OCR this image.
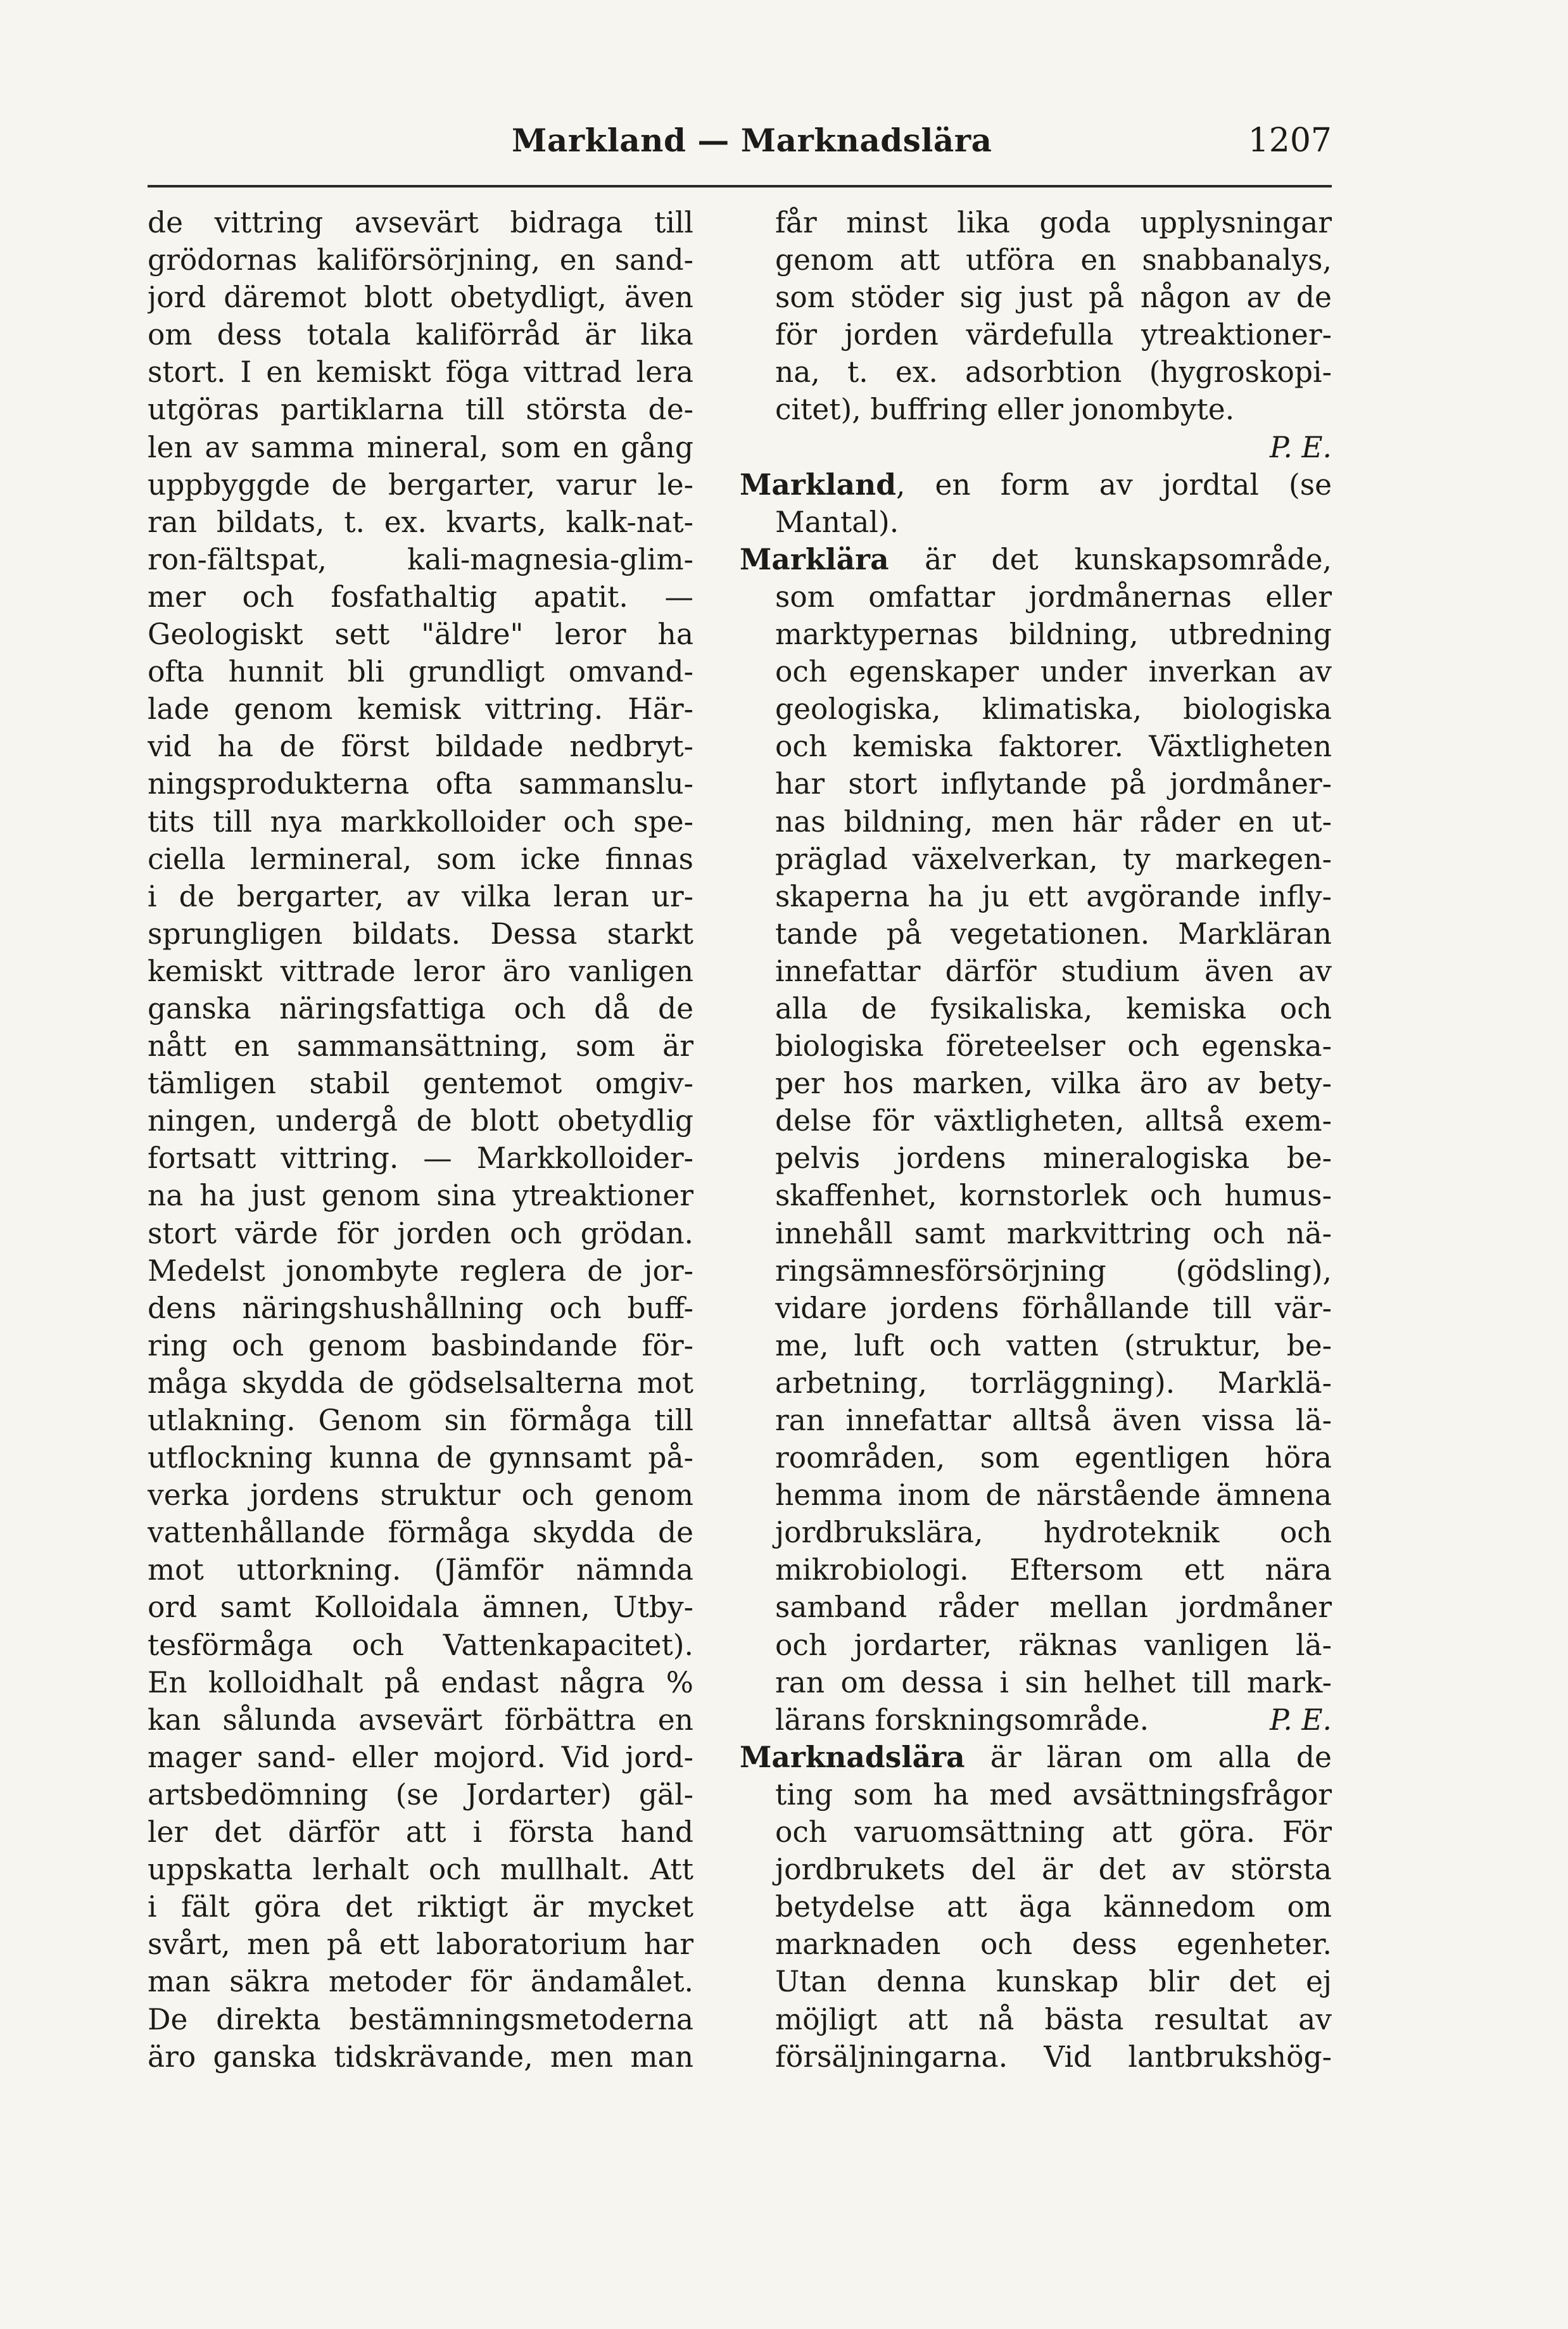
Markland — Marknadslära	1207
de vittring avsevärt bidraga till
grödornas kaliförsörjning, en sand-
jord däremot blott obetydligt, även
om dess totala kaliförråd är lika
stort. I en kemiskt föga vittrad lera
utgöras partiklarna till största de-
len av samma mineral, som en gång
uppbyggde de bergarter, varur le-
ran bildats, t. ex. kvarts, kalk-nat-
ron-fältspat, kali-magnesia-glim-
mer och fosfathaltig apatit. —
Geologiskt sett "äldre" leror ha
ofta hunnit bli grundligt omvand-
lade genom kemisk vittring. Här-
vid ha de först bildade nedbryt-
ningsprodukterna ofta sammanslu-
tits till nya markkolloider och spe-
ciella lermineral, som icke finnas
i de bergarter, av vilka leran ur-
sprungligen bildats. Dessa starkt
kemiskt vittrade leror äro vanligen
ganska näringsfattiga och då de
nått en sammansättning, som är
tämligen stabil gentemot omgiv-
ningen, undergå de blott obetydlig
fortsatt vittring. — Markkolloider-
na ha just genom sina ytreaktioner
stort värde för jorden och grödan.
Medelst jonombyte reglera de jor-
dens näringshushållning och buff-
ring och genom basbindande för-
måga skydda de gödselsalterna mot
utlakning. Genom sin förmåga till
utflockning kunna de gynnsamt på-
verka jordens struktur och genom
vattenhållande förmåga skydda de
mot uttorkning. (Jämför nämnda
ord samt Kolloidala ämnen, Utby-
tesförmåga och Vattenkapacitet).
En kolloidhalt på endast några %
kan sålunda avsevärt förbättra en
mager sand- eller mojord. Vid jord-
artsbedömning (se Jordarter) gäl-
ler det därför att i första hand
uppskatta lerhalt och mullhalt. Att
i fält göra det riktigt är mycket
svårt, men på ett laboratorium har
man säkra metoder för ändamålet.
De direkta bestämningsmetoderna
äro ganska tidskrävande, men man
får minst lika goda upplysningar
genom att utföra en snabbanalys,
som stöder sig just på någon av de
för jorden värdefulla ytreaktioner-
na, t. ex. adsorbtion (hygroskopi-
citet), buffring eller jonombyte.
P. E.
Markland, en form av jordtal (se
Mantal).
Marklära är det kunskapsområde,
som omfattar jordmånernas eller
marktypernas bildning, utbredning
och egenskaper under inverkan av
geologiska, klimatiska, biologiska
och kemiska faktorer. Växtligheten
har stort inflytande på jordmåner-
nas bildning, men här råder en ut-
präglad växelverkan, ty markegen-
skaperna ha ju ett avgörande infly-
tande på vegetationen. Markläran
innefattar därför studium även av
alla de fysikaliska, kemiska och
biologiska företeelser och egenska-
per hos marken, vilka äro av bety-
delse för växtligheten, alltså exem-
pelvis jordens mineralogiska be-
skaffenhet, kornstorlek och humus-
innehåll samt markvittring och nä-
ringsämnesförsörjning (gödsling),
vidare jordens förhållande till vär-
me, luft och vatten (struktur, be-
arbetning, torrläggning). Marklä-
ran innefattar alltså även vissa lä-
roområden, som egentligen höra
hemma inom de närstående ämnena
jordbrukslära, hydroteknik och
mikrobiologi. Eftersom ett nära
samband råder mellan jordmåner
och jordarter, räknas vanligen lä-
ran om dessa i sin helhet till mark-
lärans forskningsområde.	P. E.
Marknadslära är läran om alla de
ting som ha med avsättningsfrågor
och varuomsättning att göra. För
jordbrukets del är det av största
betydelse att äga kännedom om
marknaden och dess egenheter.
Utan denna kunskap blir det ej
möjligt att nå bästa resultat av
försäljningarna. Vid lantbrukshög-
